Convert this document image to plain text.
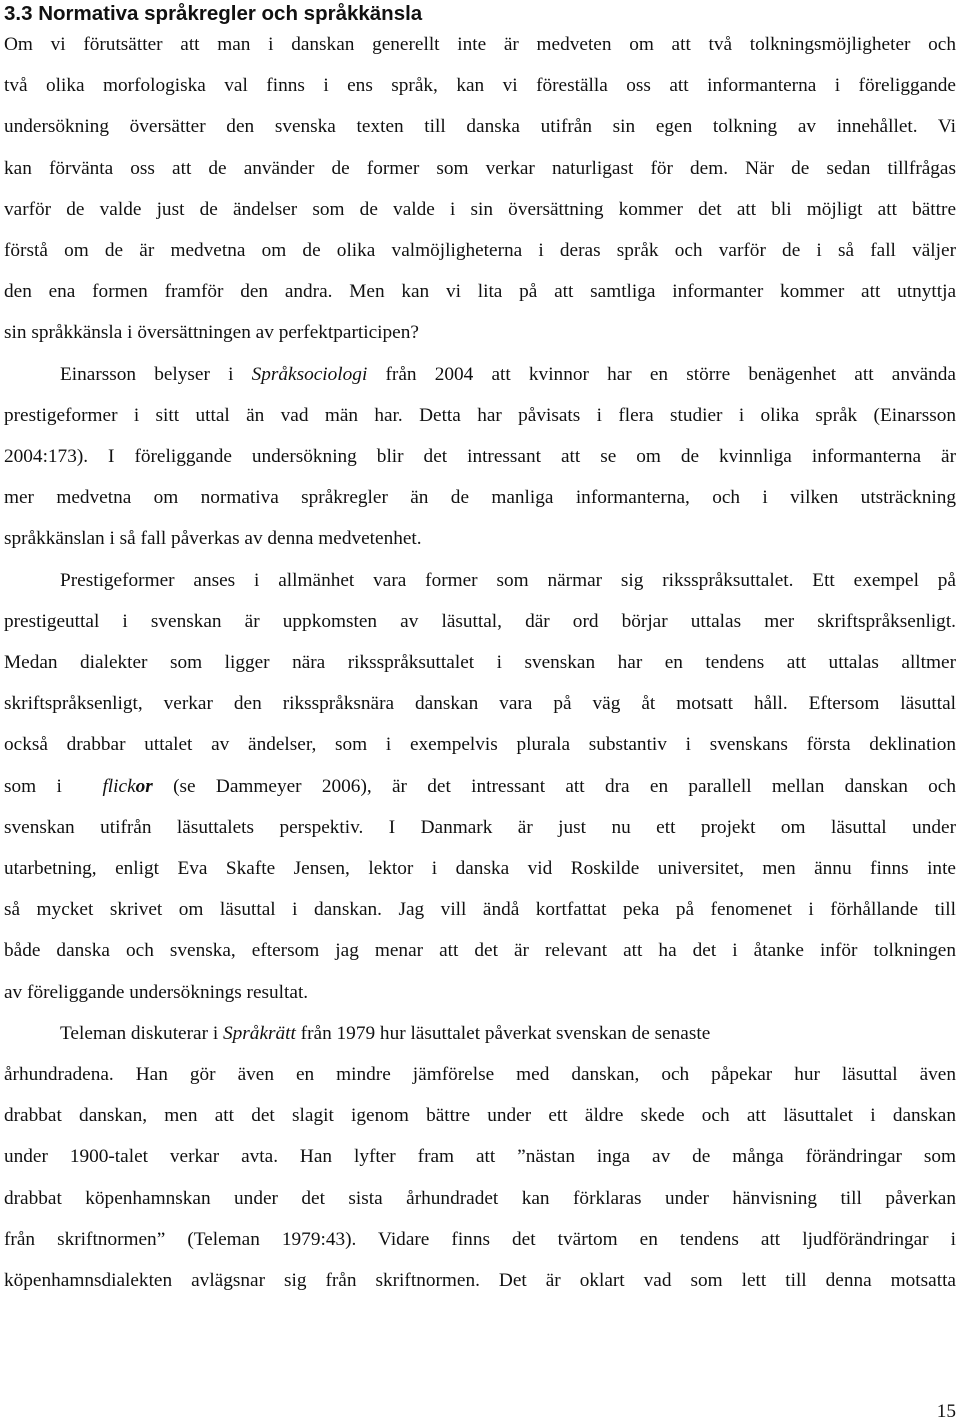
3.3 Normativa språkregler och språkkänsla
Om vi förutsätter att man i danskan generellt inte är medveten om att två tolkningsmöjligheter och
två olika morfologiska val finns i ens språk, kan vi föreställa oss att informanterna i föreliggande
undersökning översätter den svenska texten till danska utifrån sin egen tolkning av innehållet. Vi
kan förvänta oss att de använder de former som verkar naturligast för dem. När de sedan tillfrågas
varför de valde just de ändelser som de valde i sin översättning kommer det att bli möjligt att bättre
förstå om de är medvetna om de olika valmöjligheterna i deras språk och varför de i så fall väljer
den ena formen framför den andra. Men kan vi lita på att samtliga informanter kommer att utnyttja
sin språkkänsla i översättningen av perfektparticipen?
Einarsson belyser i Språksociologi från 2004 att kvinnor har en större benägenhet att använda
prestigeformer i sitt uttal än vad män har. Detta har påvisats i flera studier i olika språk (Einarsson
2004:173). I föreliggande undersökning blir det intressant att se om de kvinnliga informanterna är
mer medvetna om normativa språkregler än de manliga informanterna, och i vilken utsträckning
språkkänslan i så fall påverkas av denna medvetenhet.
Prestigeformer anses i allmänhet vara former som närmar sig riksspråksuttalet. Ett exempel på
prestigeuttal i svenskan är uppkomsten av läsuttal, där ord börjar uttalas mer skriftspråksenligt.
Medan dialekter som ligger nära riksspråksuttalet i svenskan har en tendens att uttalas alltmer
skriftspråksenligt, verkar den riksspråksnära danskan vara på väg åt motsatt håll. Eftersom läsuttal
också drabbar uttalet av ändelser, som i exempelvis plurala substantiv i svenskans första deklination
som i  flickor (se Dammeyer 2006), är det intressant att dra en parallell mellan danskan och
svenskan utifrån läsuttalets perspektiv. I Danmark är just nu ett projekt om läsuttal under
utarbetning, enligt Eva Skafte Jensen, lektor i danska vid Roskilde universitet, men ännu finns inte
så mycket skrivet om läsuttal i danskan. Jag vill ändå kortfattat peka på fenomenet i förhållande till
både danska och svenska, eftersom jag menar att det är relevant att ha det i åtanke inför tolkningen
av föreliggande undersöknings resultat.
Teleman diskuterar i Språkrätt från 1979 hur läsuttalet påverkat svenskan de senaste
århundradena. Han gör även en mindre jämförelse med danskan, och påpekar hur läsuttal även
drabbat danskan, men att det slagit igenom bättre under ett äldre skede och att läsuttalet i danskan
under 1900-talet verkar avta. Han lyfter fram att ”nästan inga av de många förändringar som
drabbat köpenhamnskan under det sista århundradet kan förklaras under hänvisning till påverkan
från skriftnormen” (Teleman 1979:43). Vidare finns det tvärtom en tendens att ljudförändringar i
köpenhamnsdialekten avlägsnar sig från skriftnormen. Det är oklart vad som lett till denna motsatta
15
